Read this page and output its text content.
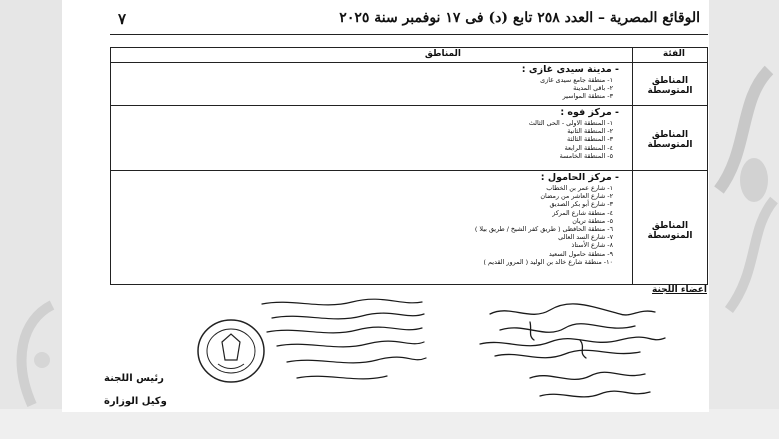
الوقائع المصرية – العدد ٢٥٨ تابع (د) فى ١٧ نوفمبر سنة ٢٠٢٥
٧
الفئة
المناطق
المناطق المتوسطة
- مدينة سيدى غازى :
١- منطقة جامع سيدى غازى
٢- باقى المدينة
٣- منطقة المواسير
المناطق المتوسطة
- مركز فوه :
١- المنطقة الاولى - الحى الثالث
٢- المنطقة الثانية
٣- المنطقة الثالثة
٤- المنطقة الرابعة
٥- المنطقة الخامسة
المناطق المتوسطة
- مركز الحامول :
١- شارع عمر بن الخطاب
٢- شارع العاشر من رمضان
٣- شارع أبو بكر الصديق
٤- منطقة شارع المركز
٥- منطقة تريان
٦- منطقة الحافظى ( طريق كفر الشيخ / طريق بيلا )
٧- شارع السد العالى
٨- شارع الأستاذ
٩- منطقة حامول السعيد
١٠- منطقة شارع خالد بن الوليد ( المرور القديم )
اعضاء اللجنة
رئيس اللجنة
وكيل الوزارة
